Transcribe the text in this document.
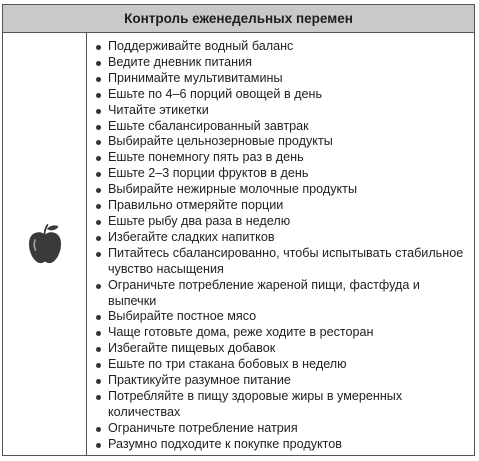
Контроль еженедельных перемен
Поддерживайте водный баланс
Ведите дневник питания
Принимайте мультивитамины
Ешьте по 4–6 порций овощей в день
Читайте этикетки
Ешьте сбалансированный завтрак
Выбирайте цельнозерновые продукты
Ешьте понемногу пять раз в день
Ешьте 2–3 порции фруктов в день
Выбирайте нежирные молочные продукты
Правильно отмеряйте порции
Ешьте рыбу два раза в неделю
Избегайте сладких напитков
Питайтесь сбалансированно, чтобы испытывать стабильное чувство насыщения
Ограничьте потребление жареной пищи, фастфуда и выпечки
Выбирайте постное мясо
Чаще готовьте дома, реже ходите в ресторан
Избегайте пищевых добавок
Ешьте по три стакана бобовых в неделю
Практикуйте разумное питание
Потребляйте в пищу здоровые жиры в умеренных количествах
Ограничьте потребление натрия
Разумно подходите к покупке продуктов
